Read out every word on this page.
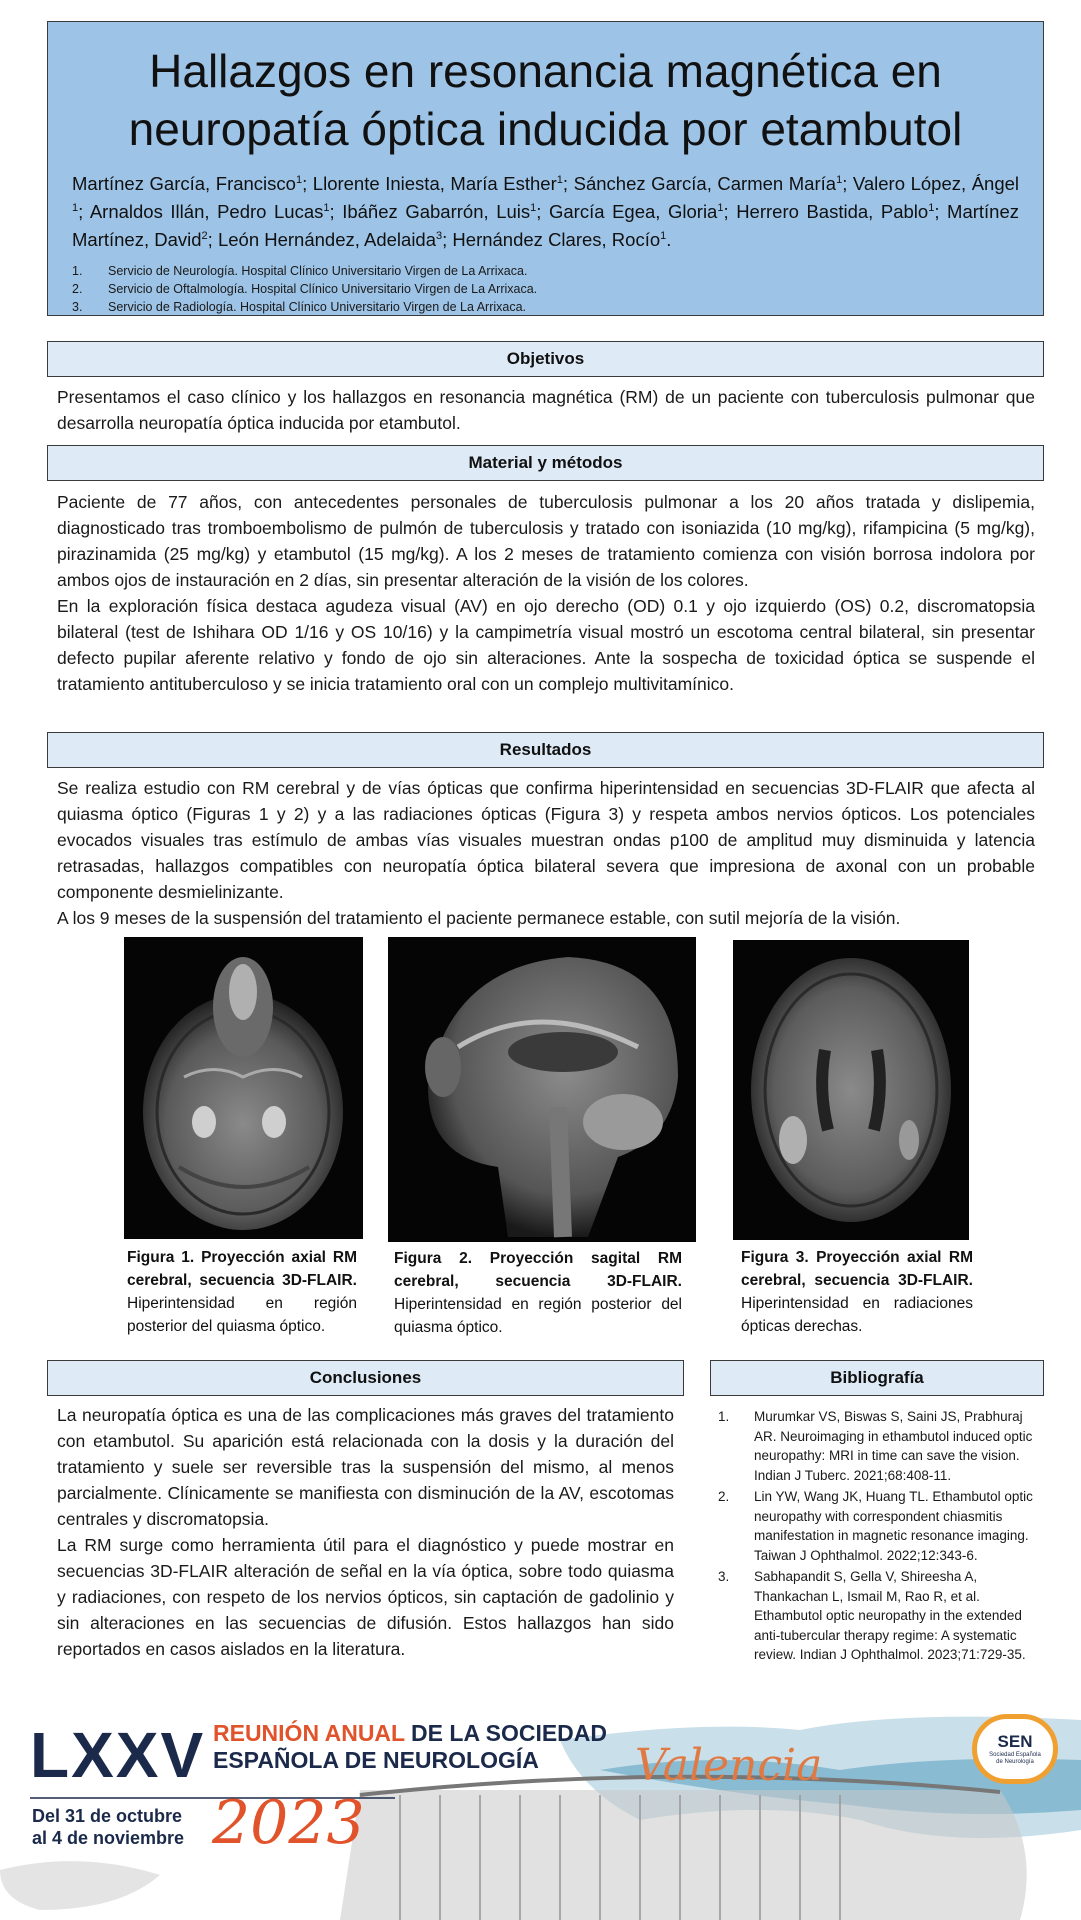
Hallazgos en resonancia magnética en
neuropatía óptica inducida por etambutol
Martínez García, Francisco$^1$; Llorente Iniesta, María Esther$^1$; Sánchez García, Carmen María$^1$; Valero López, Ángel $^1$; Arnaldos Illán, Pedro Lucas$^1$; Ibáñez Gabarrón, Luis$^1$; García Egea, Gloria$^1$; Herrero Bastida, Pablo$^1$; Martínez Martínez, David$^2$; León Hernández, Adelaida$^3$; Hernández Clares, Rocío$^1$.
1.	Servicio de Neurología. Hospital Clínico Universitario Virgen de La Arrixaca.
2.	Servicio de Oftalmología. Hospital Clínico Universitario Virgen de La Arrixaca.
3.	Servicio de Radiología. Hospital Clínico Universitario Virgen de La Arrixaca.
Objetivos

Presentamos el caso clínico y los hallazgos en resonancia magnética (RM) de un paciente con tuberculosis pulmonar que desarrolla neuropatía óptica inducida por etambutol.

Material y métodos

Paciente de 77 años, con antecedentes personales de tuberculosis pulmonar a los 20 años tratada y dislipemia, diagnosticado tras tromboembolismo de pulmón de tuberculosis y tratado con isoniazida (10 mg/kg), rifampicina (5 mg/kg), pirazinamida (25 mg/kg) y etambutol (15 mg/kg). A los 2 meses de tratamiento comienza con visión borrosa indolora por ambos ojos de instauración en 2 días, sin presentar alteración de la visión de los colores.

En la exploración física destaca agudeza visual (AV) en ojo derecho (OD) 0.1 y ojo izquierdo (OS) 0.2, discromatopsia bilateral (test de Ishihara OD 1/16 y OS 10/16) y la campimetría visual mostró un escotoma central bilateral, sin presentar defecto pupilar aferente relativo y fondo de ojo sin alteraciones. Ante la sospecha de toxicidad óptica se suspende el tratamiento antituberculoso y se inicia tratamiento oral con un complejo multivitamínico.

Resultados

Se realiza estudio con RM cerebral y de vías ópticas que confirma hiperintensidad en secuencias 3D-FLAIR que afecta al quiasma óptico (Figuras 1 y 2) y a las radiaciones ópticas (Figura 3) y respeta ambos nervios ópticos. Los potenciales evocados visuales tras estímulo de ambas vías visuales muestran ondas p100 de amplitud muy disminuida y latencia retrasadas, hallazgos compatibles con neuropatía óptica bilateral severa que impresiona de axonal con un probable componente desmielinizante.

A los 9 meses de la suspensión del tratamiento el paciente permanece estable, con sutil mejoría de la visión.

Figura 1. Proyección axial RM cerebral, secuencia 3D-FLAIR. Hiperintensidad en región posterior del quiasma óptico.
Figura 2. Proyección sagital RM cerebral, secuencia 3D-FLAIR. Hiperintensidad en región posterior del quiasma óptico.
Figura 3. Proyección axial RM cerebral, secuencia 3D-FLAIR. Hiperintensidad en radiaciones ópticas derechas.
Conclusiones

La neuropatía óptica es una de las complicaciones más graves del tratamiento con etambutol. Su aparición está relacionada con la dosis y la duración del tratamiento y suele ser reversible tras la suspensión del mismo, al menos parcialmente. Clínicamente se manifiesta con disminución de la AV, escotomas centrales y discromatopsia.

La RM surge como herramienta útil para el diagnóstico y puede mostrar en secuencias 3D-FLAIR alteración de señal en la vía óptica, sobre todo quiasma y radiaciones, con respeto de los nervios ópticos, sin captación de gadolinio y sin alteraciones en las secuencias de difusión. Estos hallazgos han sido reportados en casos aislados en la literatura.

Bibliografía
1.	Murumkar VS, Biswas S, Saini JS, Prabhuraj AR. Neuroimaging in ethambutol induced optic neuropathy: MRI in time can save the vision. Indian J Tuberc. 2021;68:408-11.
2.	Lin YW, Wang JK, Huang TL. Ethambutol optic neuropathy with correspondent chiasmitis manifestation in magnetic resonance imaging. Taiwan J Ophthalmol. 2022;12:343-6.
3.	Sabhapandit S, Gella V, Shireesha A, Thankachan L, Ismail M, Rao R, et al. Ethambutol optic neuropathy in the extended anti-tubercular therapy regime: A systematic review. Indian J Ophthalmol. 2023;71:729-35.
LXXV REUNIÓN ANUAL DE LA SOCIEDAD
ESPAÑOLA DE NEUROLOGÍA	Valencia
Del 31 de octubre
al 4 de noviembre 2023
SEN
Sociedad Española
de Neurología
